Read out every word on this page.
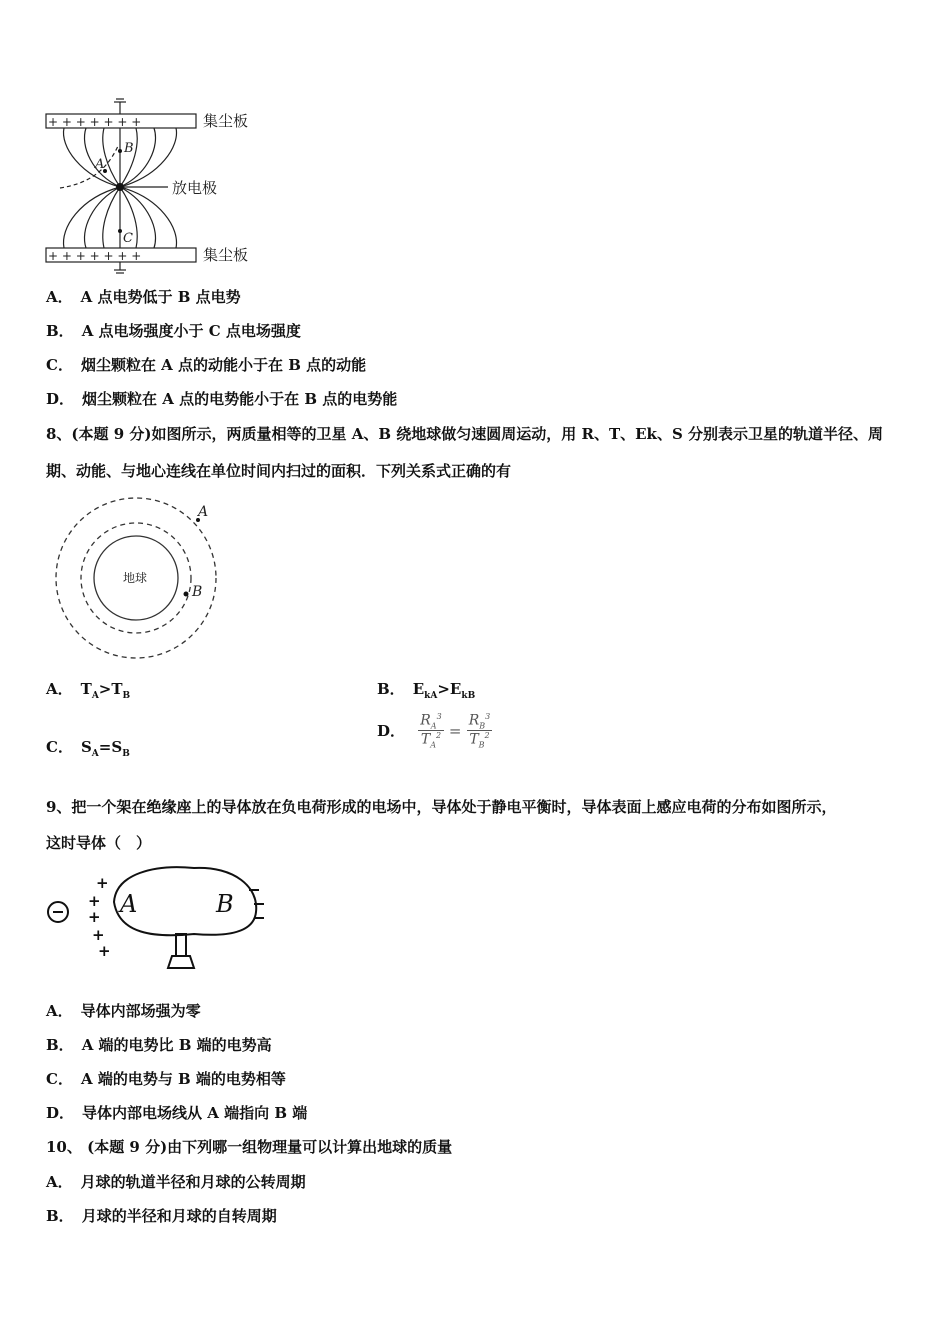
+ + + + + + +
+ + + + + + +
集尘板
集尘板
放电极
A
B
C
A． A 点电势低于 B 点电势
B． A 点电场强度小于 C 点电场强度
C． 烟尘颗粒在 A 点的动能小于在 B 点的动能
D． 烟尘颗粒在 A 点的电势能小于在 B 点的电势能
8、(本题 9 分)如图所示，两质量相等的卫星 A、B 绕地球做匀速圆周运动，用 R、T、Ek、S 分别表示卫星的轨道半径、周
期、动能、与地心连线在单位时间内扫过的面积．下列关系式正确的有
地球
A
B
A． $T_A>T_B$	B． $E_{kA}>E_{kB}$
C． $S_A=S_B$
D． $\frac{R_A^3}{T_A^2} = \frac{R_B^3}{T_B^2}$
9、把一个架在绝缘座上的导体放在负电荷形成的电场中，导体处于静电平衡时，导体表面上感应电荷的分布如图所示，
这时导体（　）
⊖
+
+
+
+
+
A	B
A． 导体内部场强为零
B． A 端的电势比 B 端的电势高
C． A 端的电势与 B 端的电势相等
D． 导体内部电场线从 A 端指向 B 端
10、 (本题 9 分)由下列哪一组物理量可以计算出地球的质量
A． 月球的轨道半径和月球的公转周期
B． 月球的半径和月球的自转周期
